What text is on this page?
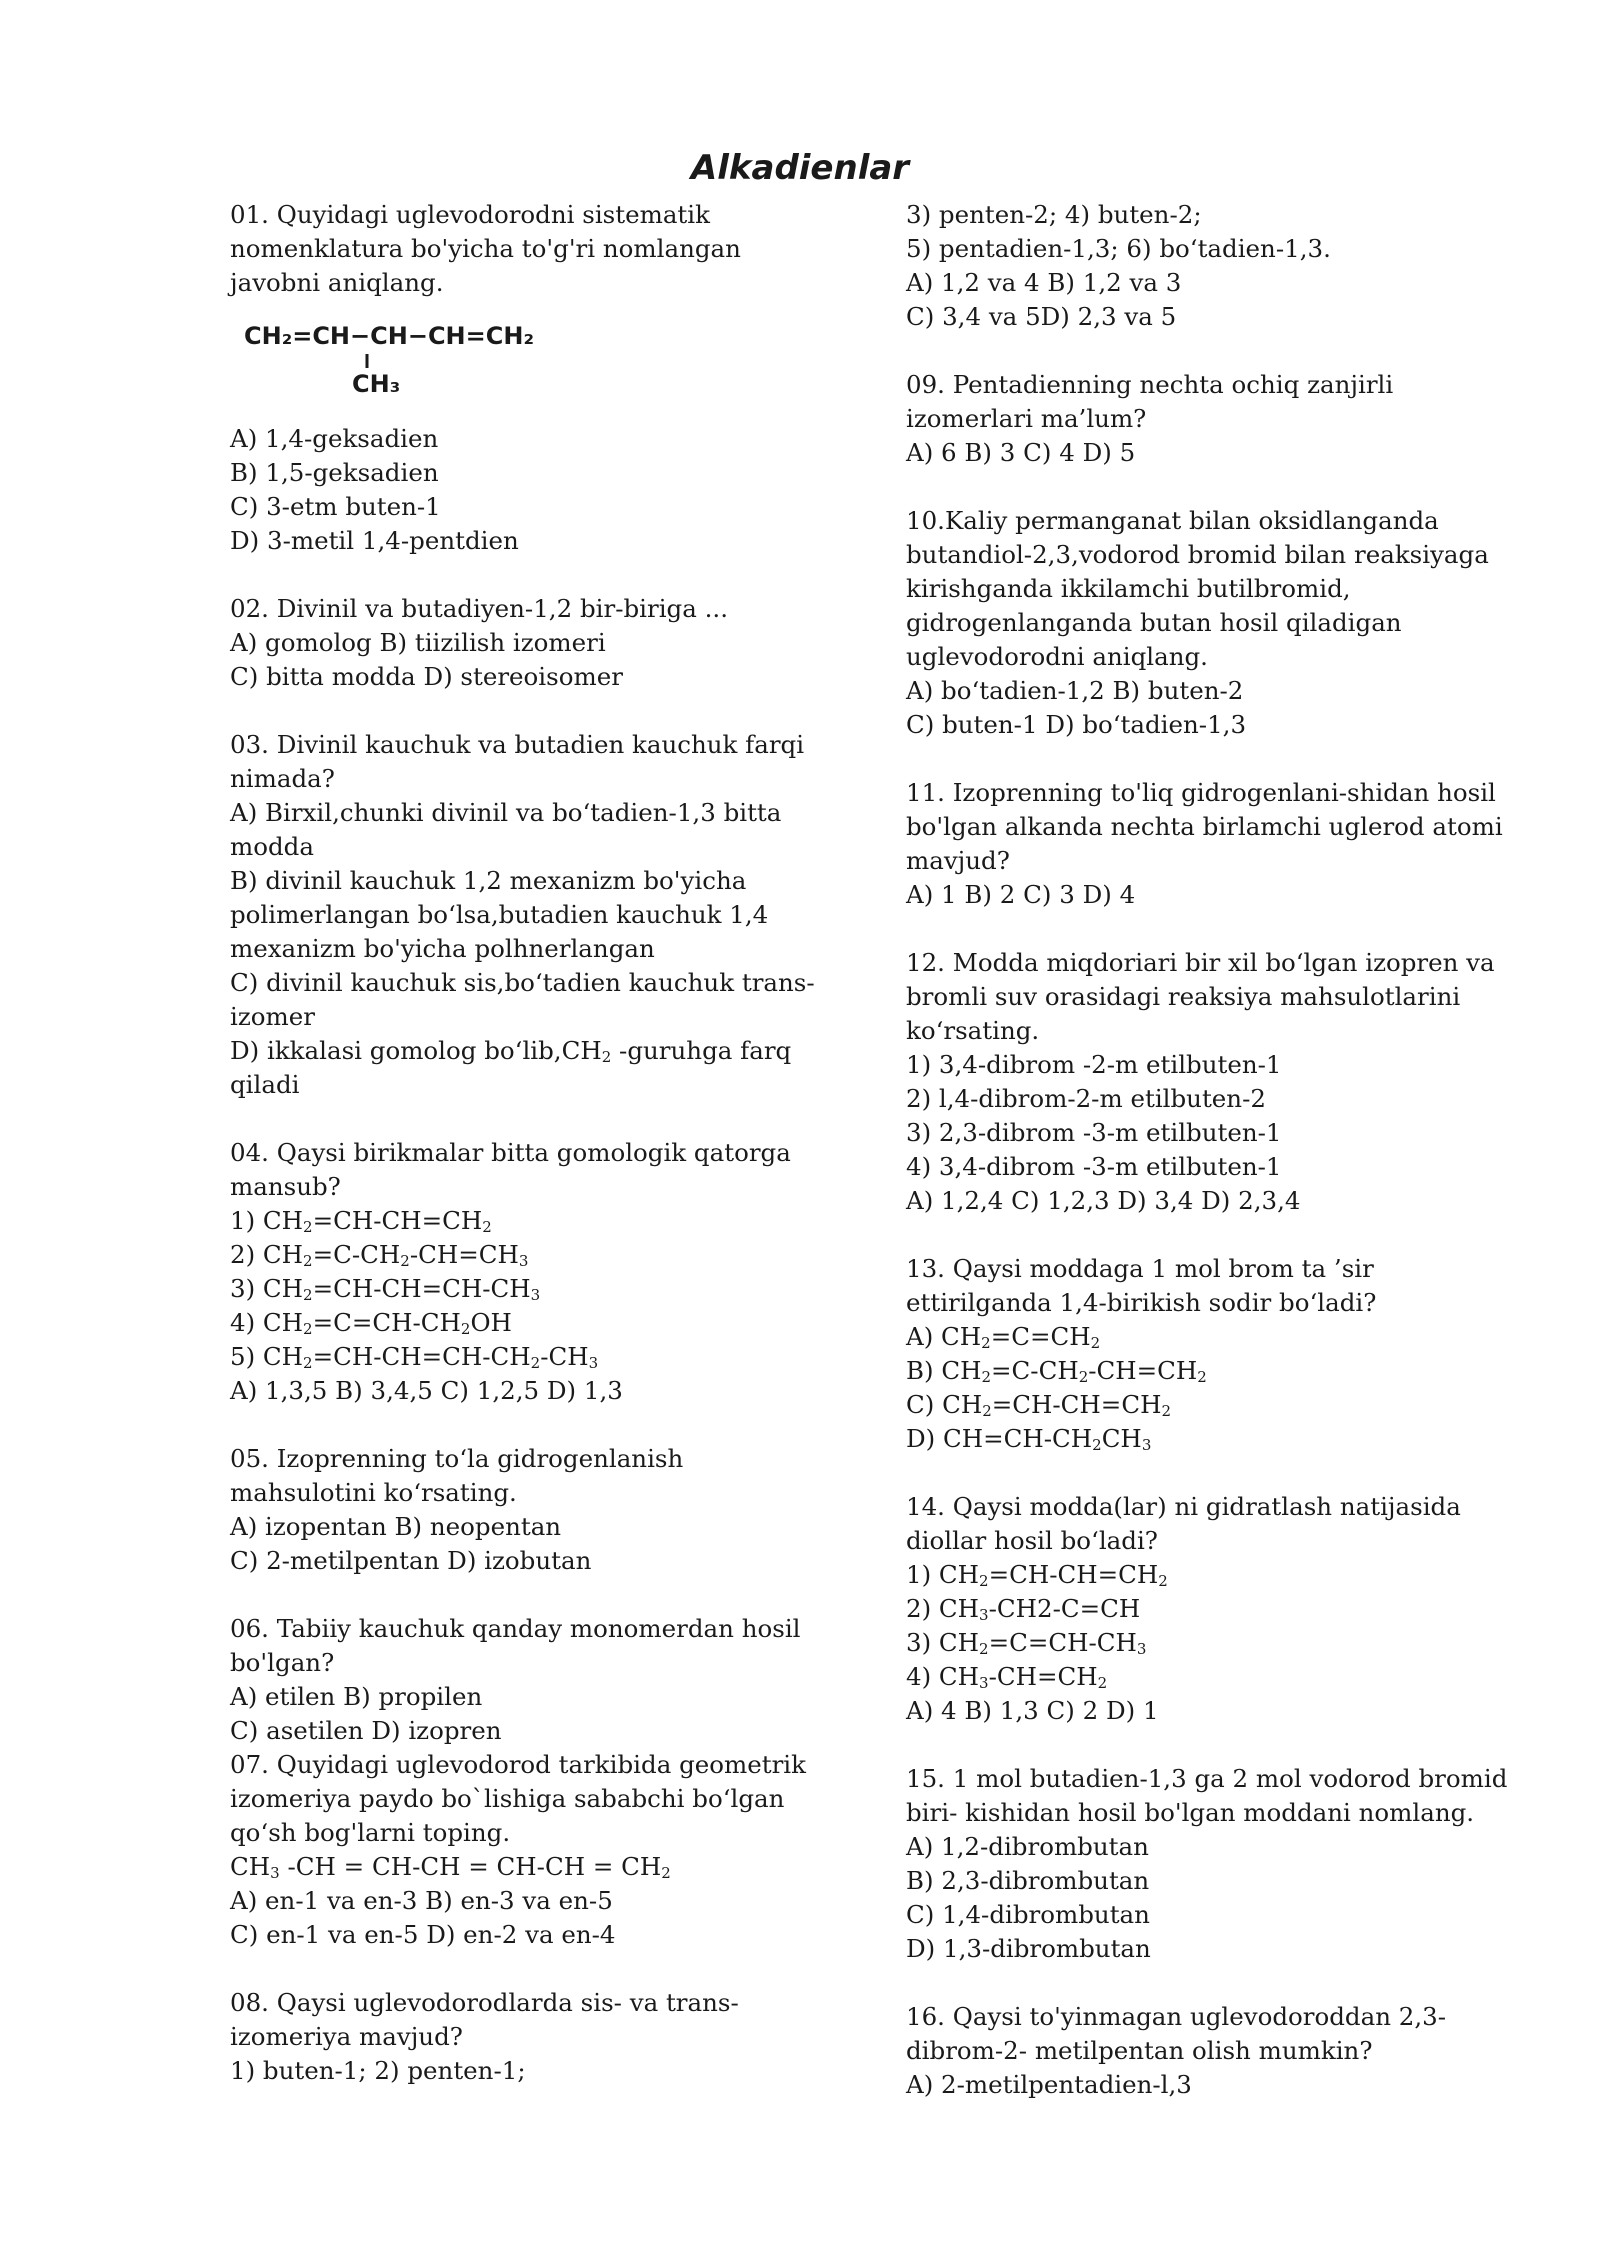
Alkadienlar
01. Quyidagi uglevodorodni sistematik
nomenklatura bo'yicha to'g'ri nomlangan
javobni aniqlang.
CH₂=CH−CH−CH=CH₂
CH₃
A) 1,4-geksadien
B) 1,5-geksadien
C) 3-etm buten-1
D) 3-metil 1,4-pentdien
02. Divinil va butadiyen-1,2 bir-biriga ...
A) gomolog B) tiizilish izomeri
C) bitta modda D) stereoisomer
03. Divinil kauchuk va butadien kauchuk farqi
nimada?
A) Birxil,chunki divinil va bo‘tadien-1,3 bitta
modda
B) divinil kauchuk 1,2 mexanizm bo'yicha
polimerlangan bo‘lsa,butadien kauchuk 1,4
mexanizm bo'yicha polhnerlangan
C) divinil kauchuk sis,bo‘tadien kauchuk trans-
izomer
D) ikkalasi gomolog $bo‘lib,CH_2$ -guruhga farq
qiladi
04. Qaysi birikmalar bitta gomologik qatorga
mansub?
1) $CH_2=CH-CH=CH_2$
2) $CH_2=C-CH_2-CH=CH_3$
3) $CH_2=CH-CH=CH-CH_3$
4) $CH_2=C=CH-CH_2OH$
5) $CH_2=CH-CH=CH-CH_2-CH_3$
A) 1,3,5 B) 3,4,5 C) 1,2,5 D) 1,3
05. Izoprenning to‘la gidrogenlanish
mahsulotini ko‘rsating.
A) izopentan B) neopentan
C) 2-metilpentan D) izobutan
06. Tabiiy kauchuk qanday monomerdan hosil
bo'lgan?
A) etilen B) propilen
C) asetilen D) izopren
07. Quyidagi uglevodorod tarkibida geometrik
izomeriya paydo bo`lishiga sababchi bo‘lgan
qo‘sh bog'larni toping.
$CH_3$ $-CH = CH-CH = CH-CH = CH_2$
A) en-1 va en-3 B) en-3 va en-5
C) en-1 va en-5 D) en-2 va en-4
08. Qaysi uglevodorodlarda sis- va trans-
izomeriya mavjud?
1) buten-1; 2) penten-1;
3) penten-2; 4) buten-2;
5) pentadien-1,3; 6) bo‘tadien-1,3.
A) 1,2 va 4 B) 1,2 va 3
C) 3,4 va 5D) 2,3 va 5
09. Pentadienning nechta ochiq zanjirli
izomerlari ma’lum?
A) 6 B) 3 C) 4 D) 5
10.Kaliy permanganat bilan oksidlanganda
butandiol-2,3,vodorod bromid bilan reaksiyaga
kirishganda ikkilamchi butilbromid,
gidrogenlanganda butan hosil qiladigan
uglevodorodni aniqlang.
A) bo‘tadien-1,2 B) buten-2
C) buten-1 D) bo‘tadien-1,3
11. Izoprenning to'liq gidrogenlani-shidan hosil
bo'lgan alkanda nechta birlamchi uglerod atomi
mavjud?
A) 1 B) 2 C) 3 D) 4
12. Modda miqdoriari bir xil bo‘lgan izopren va
bromli suv orasidagi reaksiya mahsulotlarini
ko‘rsating.
1) 3,4-dibrom -2-m etilbuten-1
2) l,4-dibrom-2-m etilbuten-2
3) 2,3-dibrom -3-m etilbuten-1
4) 3,4-dibrom -3-m etilbuten-1
A) 1,2,4 C) 1,2,3 D) 3,4 D) 2,3,4
13. Qaysi moddaga 1 mol brom ta ’sir
ettirilganda 1,4-birikish sodir bo‘ladi?
A) $CH_2=C=CH_2$
B) $CH_2=C-CH_2-CH=CH_2$
C) $CH_2=CH-CH=CH_2$
D) $CH=CH-CH_2CH_3$
14. Qaysi modda(lar) ni gidratlash natijasida
diollar hosil bo‘ladi?
1) $CH_2=CH-CH=CH_2$
2) $CH_3-CH2-C=CH$
3) $CH_2=C=CH-CH_3$
4) $CH_3-CH=CH_2$
A) 4 B) 1,3 C) 2 D) 1
15. 1 mol butadien-1,3 ga 2 mol vodorod bromid
biri- kishidan hosil bo'lgan moddani nomlang.
A) 1,2-dibrombutan
B) 2,3-dibrombutan
C) 1,4-dibrombutan
D) 1,3-dibrombutan
16. Qaysi to'yinmagan uglevodoroddan 2,3-
dibrom-2- metilpentan olish mumkin?
A) 2-metilpentadien-l,3
